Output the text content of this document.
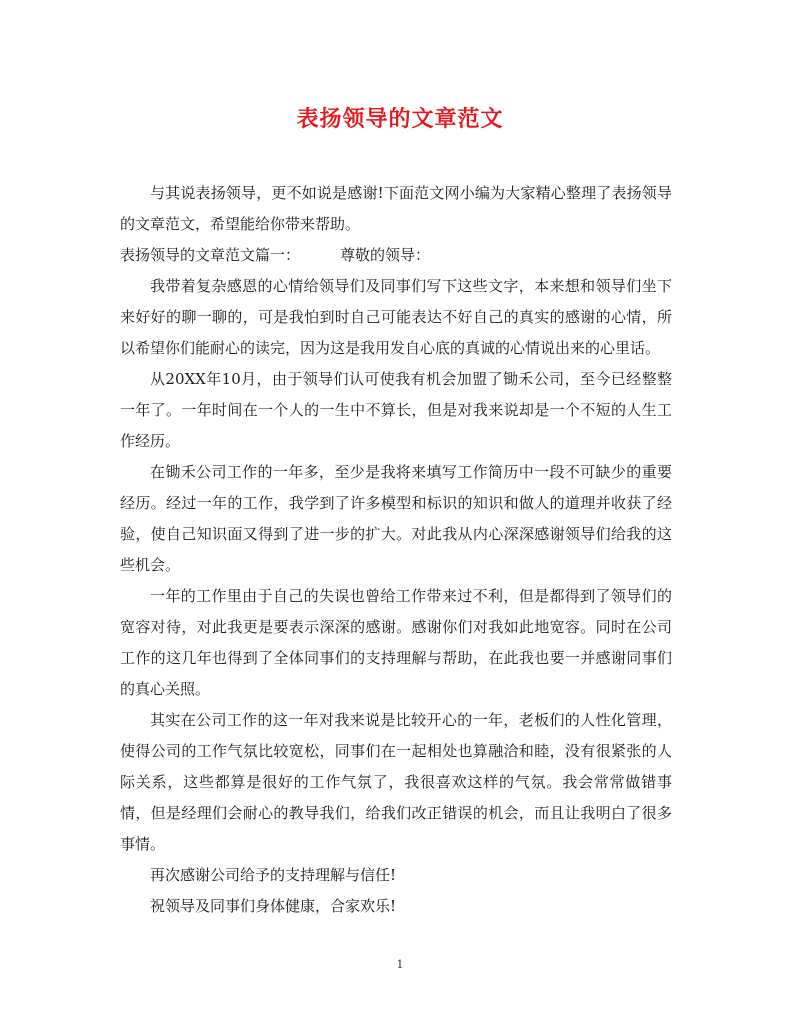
表扬领导的文章范文

与其说表扬领导，更不如说是感谢!下面范文网小编为大家精心整理了表扬领导的文章范文，希望能给你带来帮助。

表扬领导的文章范文篇一：	尊敬的领导：

我带着复杂感恩的心情给领导们及同事们写下这些文字，本来想和领导们坐下来好好的聊一聊的，可是我怕到时自己可能表达不好自己的真实的感谢的心情，所以希望你们能耐心的读完，因为这是我用发自心底的真诚的心情说出来的心里话。

从20XX年10月，由于领导们认可使我有机会加盟了锄禾公司，至今已经整整一年了。一年时间在一个人的一生中不算长，但是对我来说却是一个不短的人生工作经历。

在锄禾公司工作的一年多，至少是我将来填写工作简历中一段不可缺少的重要经历。经过一年的工作，我学到了许多模型和标识的知识和做人的道理并收获了经验，使自己知识面又得到了进一步的扩大。对此我从内心深深感谢领导们给我的这些机会。

一年的工作里由于自己的失误也曾给工作带来过不利，但是都得到了领导们的宽容对待，对此我更是要表示深深的感谢。感谢你们对我如此地宽容。同时在公司工作的这几年也得到了全体同事们的支持理解与帮助，在此我也要一并感谢同事们的真心关照。

其实在公司工作的这一年对我来说是比较开心的一年，老板们的人性化管理，使得公司的工作气氛比较宽松，同事们在一起相处也算融洽和睦，没有很紧张的人际关系，这些都算是很好的工作气氛了，我很喜欢这样的气氛。我会常常做错事情，但是经理们会耐心的教导我们，给我们改正错误的机会，而且让我明白了很多事情。

再次感谢公司给予的支持理解与信任!

祝领导及同事们身体健康，合家欢乐!

1
